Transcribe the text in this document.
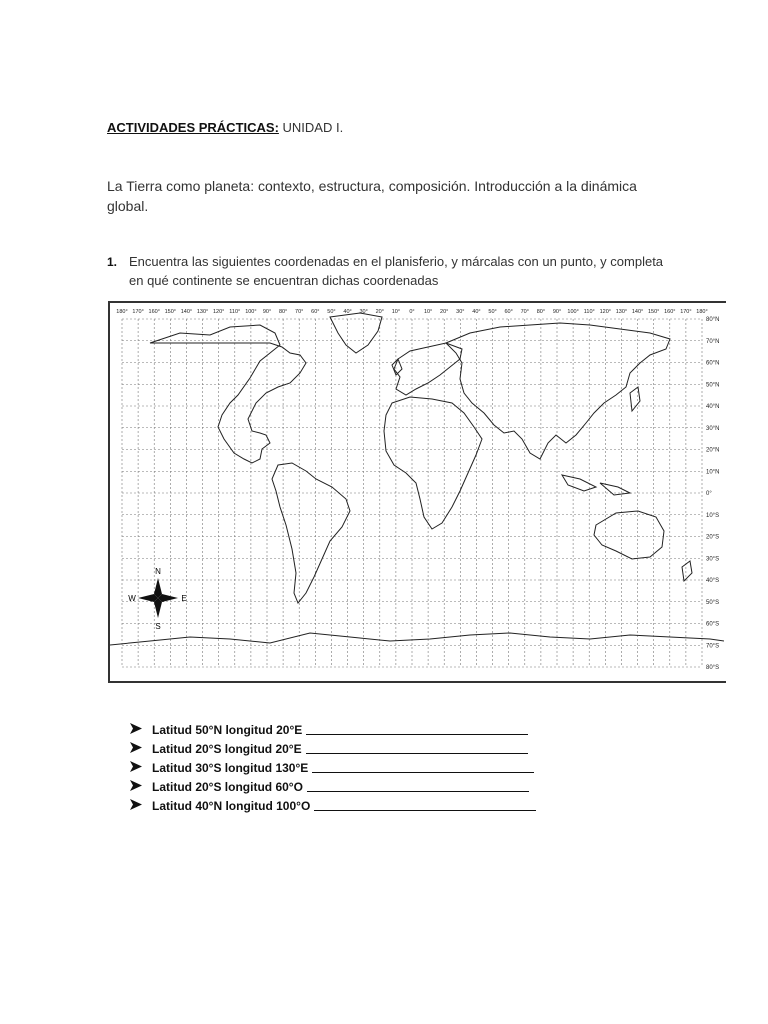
ACTIVIDADES PRÁCTICAS: UNIDAD I.
La Tierra como planeta: contexto, estructura, composición. Introducción a la dinámica global.
1. Encuentra las siguientes coordenadas en el planisferio, y márcalas con un punto, y completa en qué continente se encuentran dichas coordenadas
180° 170° 160° 150° 140° 130° 120° 110° 100° 90° 80° 70° 60° 50° 40° 30° 20° 10° 0° 10° 20° 30° 40° 50° 60° 70° 80° 90° 100° 110° 120° 130° 140° 150° 160° 170° 180°
80°N
70°N
60°N
50°N
40°N
30°N
20°N
10°N
0°
10°S
20°S
30°S
40°S
50°S
60°S
70°S
80°S
N
S
E
W
Latitud 50°N longitud 20°E
Latitud 20°S longitud 20°E
Latitud 30°S longitud 130°E
Latitud 20°S longitud 60°O
Latitud 40°N longitud 100°O
